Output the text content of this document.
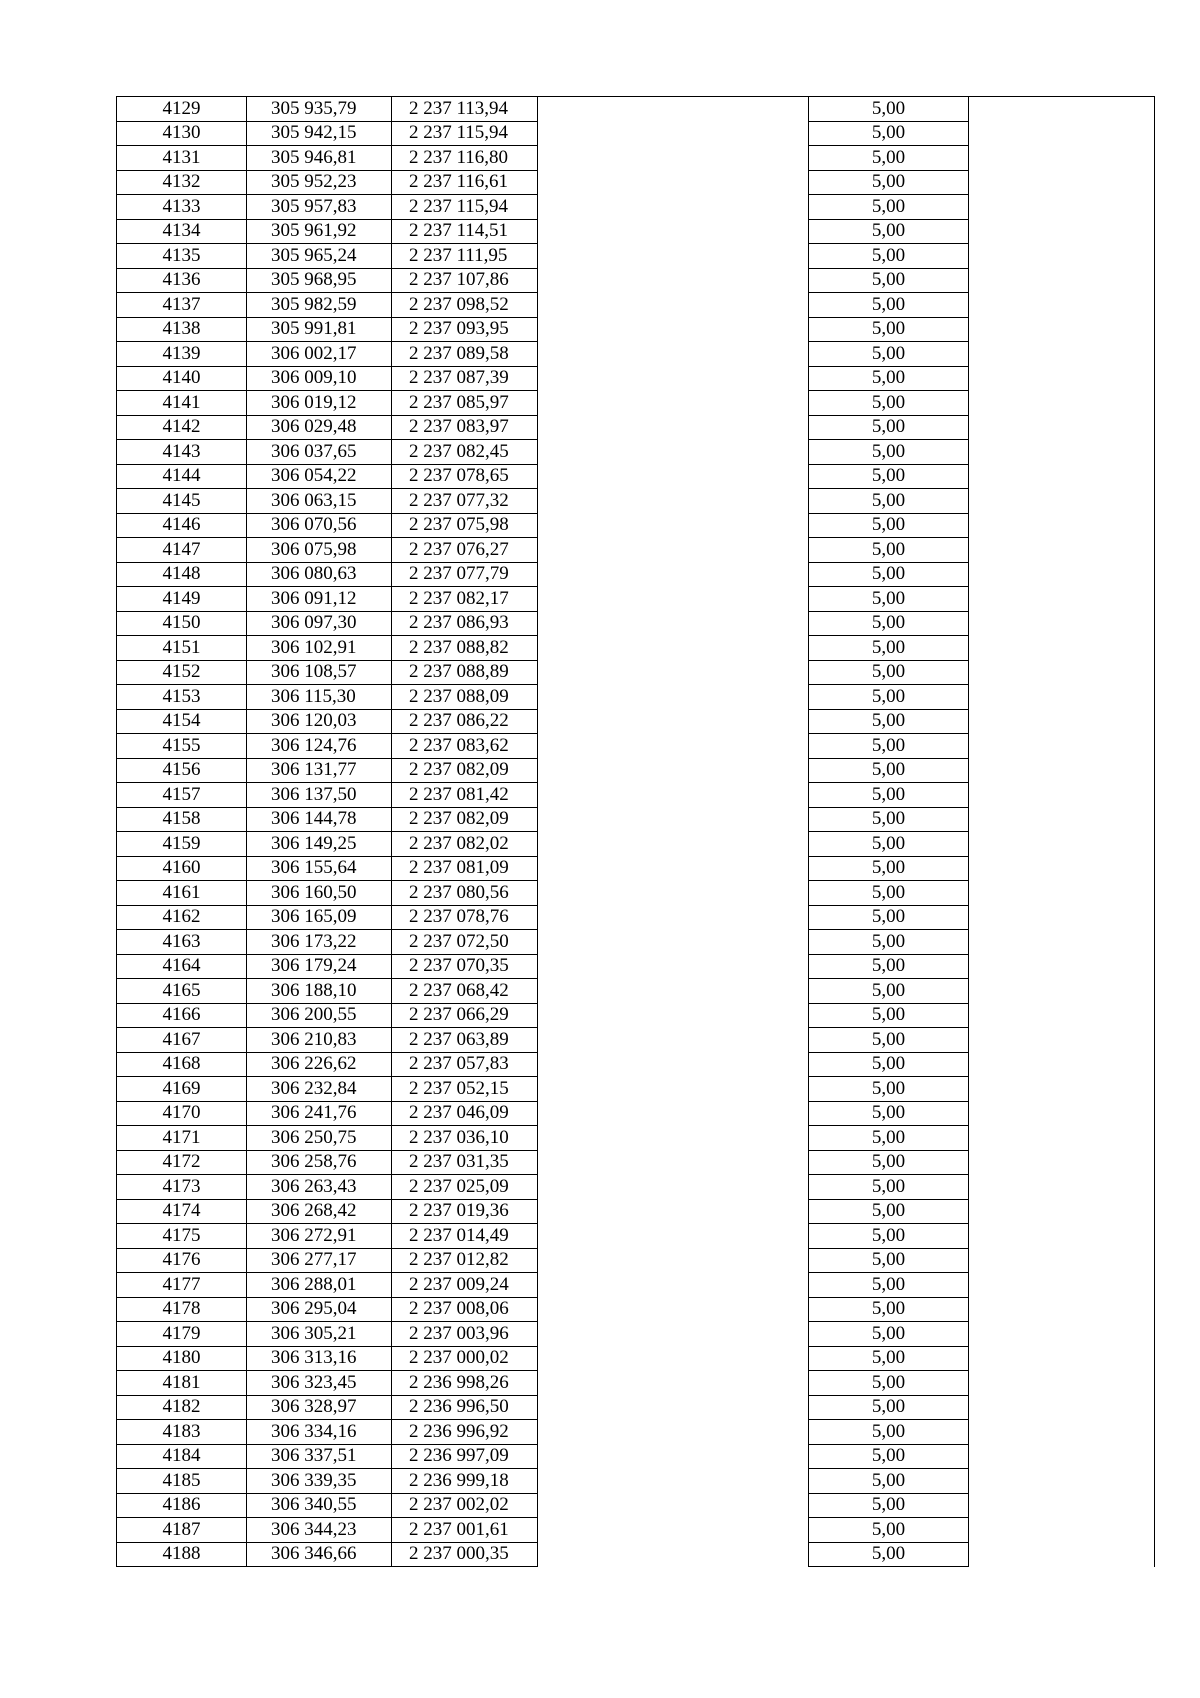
4129	305 935,79	2 237 113,94		5,00	
4130	305 942,15	2 237 115,94		5,00	
4131	305 946,81	2 237 116,80		5,00	
4132	305 952,23	2 237 116,61		5,00	
4133	305 957,83	2 237 115,94		5,00	
4134	305 961,92	2 237 114,51		5,00	
4135	305 965,24	2 237 111,95		5,00	
4136	305 968,95	2 237 107,86		5,00	
4137	305 982,59	2 237 098,52		5,00	
4138	305 991,81	2 237 093,95		5,00	
4139	306 002,17	2 237 089,58		5,00	
4140	306 009,10	2 237 087,39		5,00	
4141	306 019,12	2 237 085,97		5,00	
4142	306 029,48	2 237 083,97		5,00	
4143	306 037,65	2 237 082,45		5,00	
4144	306 054,22	2 237 078,65		5,00	
4145	306 063,15	2 237 077,32		5,00	
4146	306 070,56	2 237 075,98		5,00	
4147	306 075,98	2 237 076,27		5,00	
4148	306 080,63	2 237 077,79		5,00	
4149	306 091,12	2 237 082,17		5,00	
4150	306 097,30	2 237 086,93		5,00	
4151	306 102,91	2 237 088,82		5,00	
4152	306 108,57	2 237 088,89		5,00	
4153	306 115,30	2 237 088,09		5,00	
4154	306 120,03	2 237 086,22		5,00	
4155	306 124,76	2 237 083,62		5,00	
4156	306 131,77	2 237 082,09		5,00	
4157	306 137,50	2 237 081,42		5,00	
4158	306 144,78	2 237 082,09		5,00	
4159	306 149,25	2 237 082,02		5,00	
4160	306 155,64	2 237 081,09		5,00	
4161	306 160,50	2 237 080,56		5,00	
4162	306 165,09	2 237 078,76		5,00	
4163	306 173,22	2 237 072,50		5,00	
4164	306 179,24	2 237 070,35		5,00	
4165	306 188,10	2 237 068,42		5,00	
4166	306 200,55	2 237 066,29		5,00	
4167	306 210,83	2 237 063,89		5,00	
4168	306 226,62	2 237 057,83		5,00	
4169	306 232,84	2 237 052,15		5,00	
4170	306 241,76	2 237 046,09		5,00	
4171	306 250,75	2 237 036,10		5,00	
4172	306 258,76	2 237 031,35		5,00	
4173	306 263,43	2 237 025,09		5,00	
4174	306 268,42	2 237 019,36		5,00	
4175	306 272,91	2 237 014,49		5,00	
4176	306 277,17	2 237 012,82		5,00	
4177	306 288,01	2 237 009,24		5,00	
4178	306 295,04	2 237 008,06		5,00	
4179	306 305,21	2 237 003,96		5,00	
4180	306 313,16	2 237 000,02		5,00	
4181	306 323,45	2 236 998,26		5,00	
4182	306 328,97	2 236 996,50		5,00	
4183	306 334,16	2 236 996,92		5,00	
4184	306 337,51	2 236 997,09		5,00	
4185	306 339,35	2 236 999,18		5,00	
4186	306 340,55	2 237 002,02		5,00	
4187	306 344,23	2 237 001,61		5,00	
4188	306 346,66	2 237 000,35		5,00	
